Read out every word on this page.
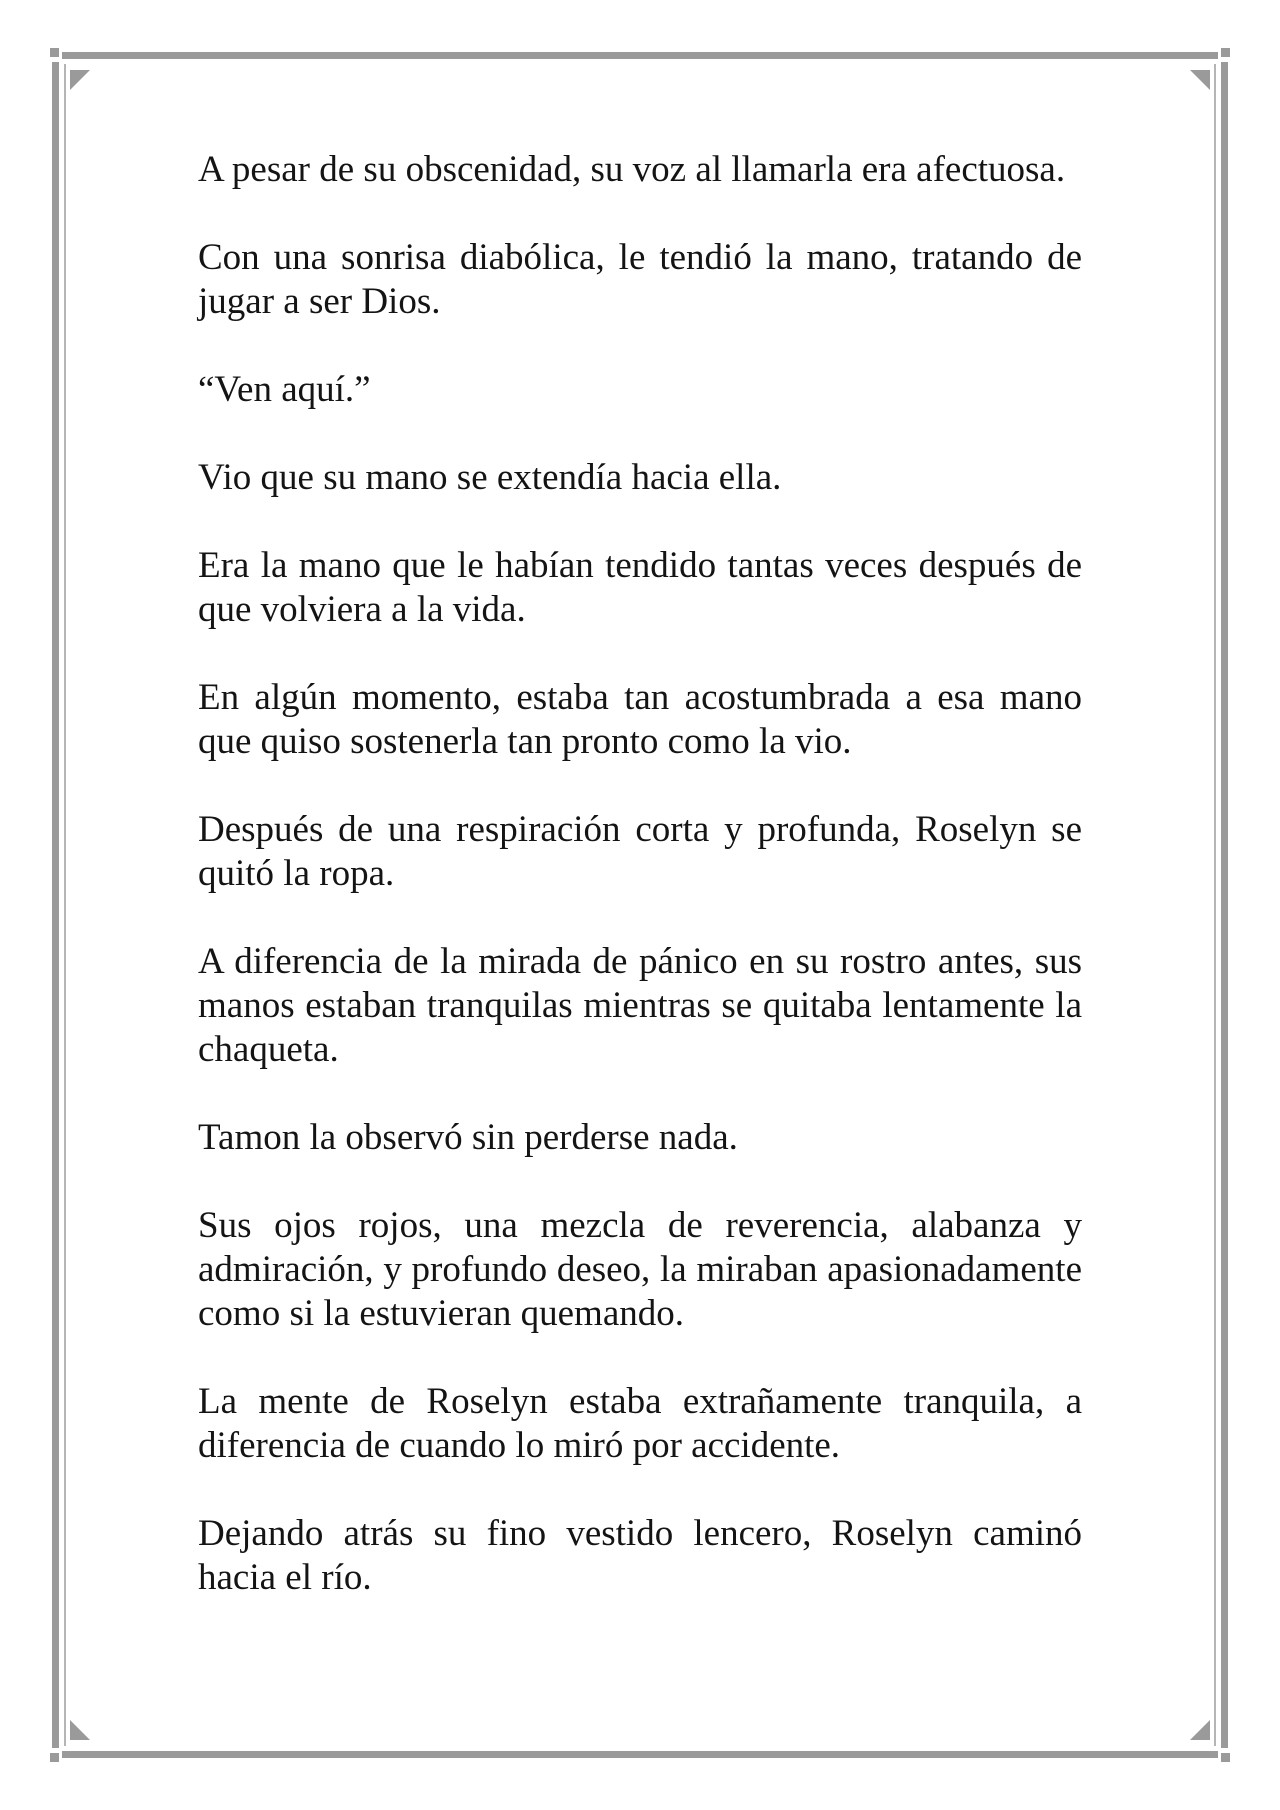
A pesar de su obscenidad, su voz al llamarla era afectuosa.

Con una sonrisa diabólica, le tendió la mano, tratando de jugar a ser Dios.

“Ven aquí.”

Vio que su mano se extendía hacia ella.

Era la mano que le habían tendido tantas veces después de que volviera a la vida.

En algún momento, estaba tan acostumbrada a esa mano que quiso sostenerla tan pronto como la vio.

Después de una respiración corta y profunda, Roselyn se quitó la ropa.

A diferencia de la mirada de pánico en su rostro antes, sus manos estaban tranquilas mientras se quitaba lentamente la chaqueta.

Tamon la observó sin perderse nada.

Sus ojos rojos, una mezcla de reverencia, alabanza y admiración, y profundo deseo, la miraban apasionadamente como si la estuvieran quemando.

La mente de Roselyn estaba extrañamente tranquila, a diferencia de cuando lo miró por accidente.

Dejando atrás su fino vestido lencero, Roselyn caminó hacia el río.
